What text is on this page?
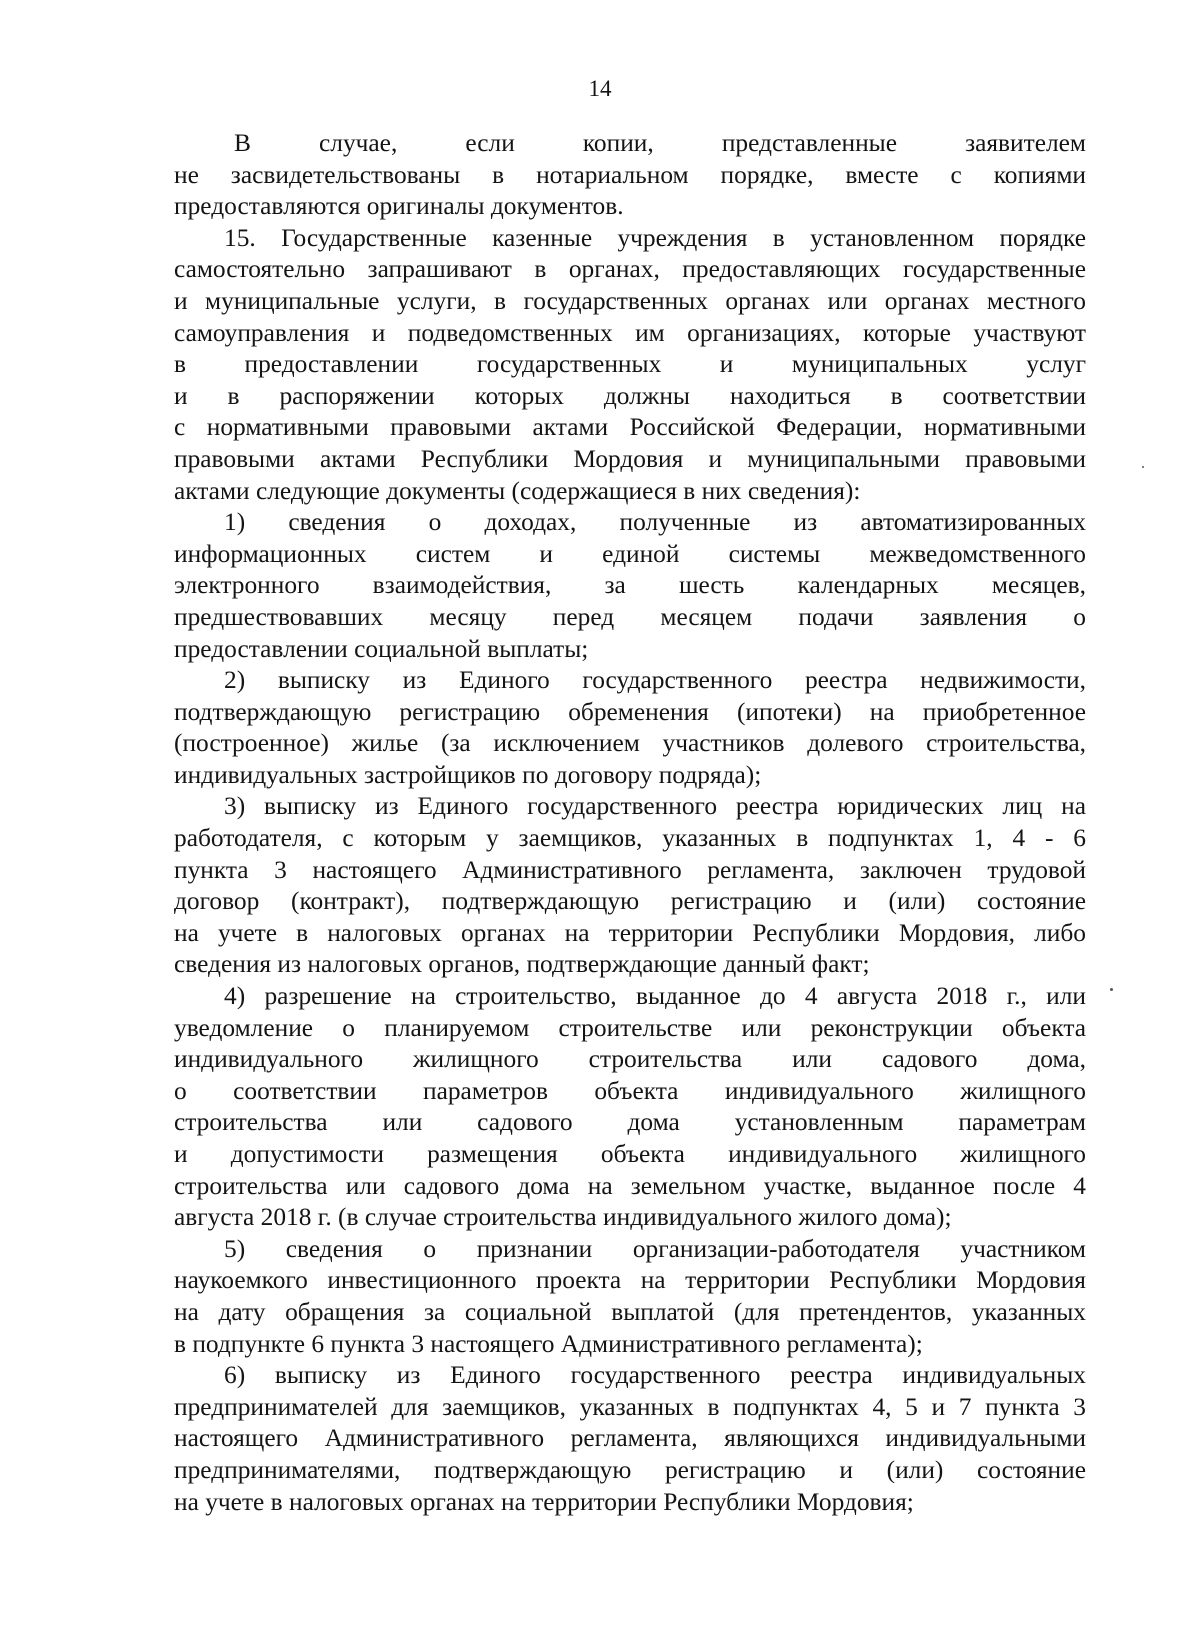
14
В случае, если копии, представленные заявителем
не засвидетельствованы в нотариальном порядке, вместе с копиями
предоставляются оригиналы документов.
15. Государственные казенные учреждения в установленном порядке
самостоятельно запрашивают в органах, предоставляющих государственные
и муниципальные услуги, в государственных органах или органах местного
самоуправления и подведомственных им организациях, которые участвуют
в предоставлении государственных и муниципальных услуг
и в распоряжении которых должны находиться в соответствии
с нормативными правовыми актами Российской Федерации, нормативными
правовыми актами Республики Мордовия и муниципальными правовыми
актами следующие документы (содержащиеся в них сведения):
1) сведения о доходах, полученные из автоматизированных
информационных систем и единой системы межведомственного
электронного взаимодействия, за шесть календарных месяцев,
предшествовавших месяцу перед месяцем подачи заявления о
предоставлении социальной выплаты;
2) выписку из Единого государственного реестра недвижимости,
подтверждающую регистрацию обременения (ипотеки) на приобретенное
(построенное) жилье (за исключением участников долевого строительства,
индивидуальных застройщиков по договору подряда);
3) выписку из Единого государственного реестра юридических лиц на
работодателя, с которым у заемщиков, указанных в подпунктах 1, 4 - 6
пункта 3 настоящего Административного регламента, заключен трудовой
договор (контракт), подтверждающую регистрацию и (или) состояние
на учете в налоговых органах на территории Республики Мордовия, либо
сведения из налоговых органов, подтверждающие данный факт;
4) разрешение на строительство, выданное до 4 августа 2018 г., или
уведомление о планируемом строительстве или реконструкции объекта
индивидуального жилищного строительства или садового дома,
о соответствии параметров объекта индивидуального жилищного
строительства или садового дома установленным параметрам
и допустимости размещения объекта индивидуального жилищного
строительства или садового дома на земельном участке, выданное после 4
августа 2018 г. (в случае строительства индивидуального жилого дома);
5) сведения о признании организации-работодателя участником
наукоемкого инвестиционного проекта на территории Республики Мордовия
на дату обращения за социальной выплатой (для претендентов, указанных
в подпункте 6 пункта 3 настоящего Административного регламента);
6) выписку из Единого государственного реестра индивидуальных
предпринимателей для заемщиков, указанных в подпунктах 4, 5 и 7 пункта 3
настоящего Административного регламента, являющихся индивидуальными
предпринимателями, подтверждающую регистрацию и (или) состояние
на учете в налоговых органах на территории Республики Мордовия;
